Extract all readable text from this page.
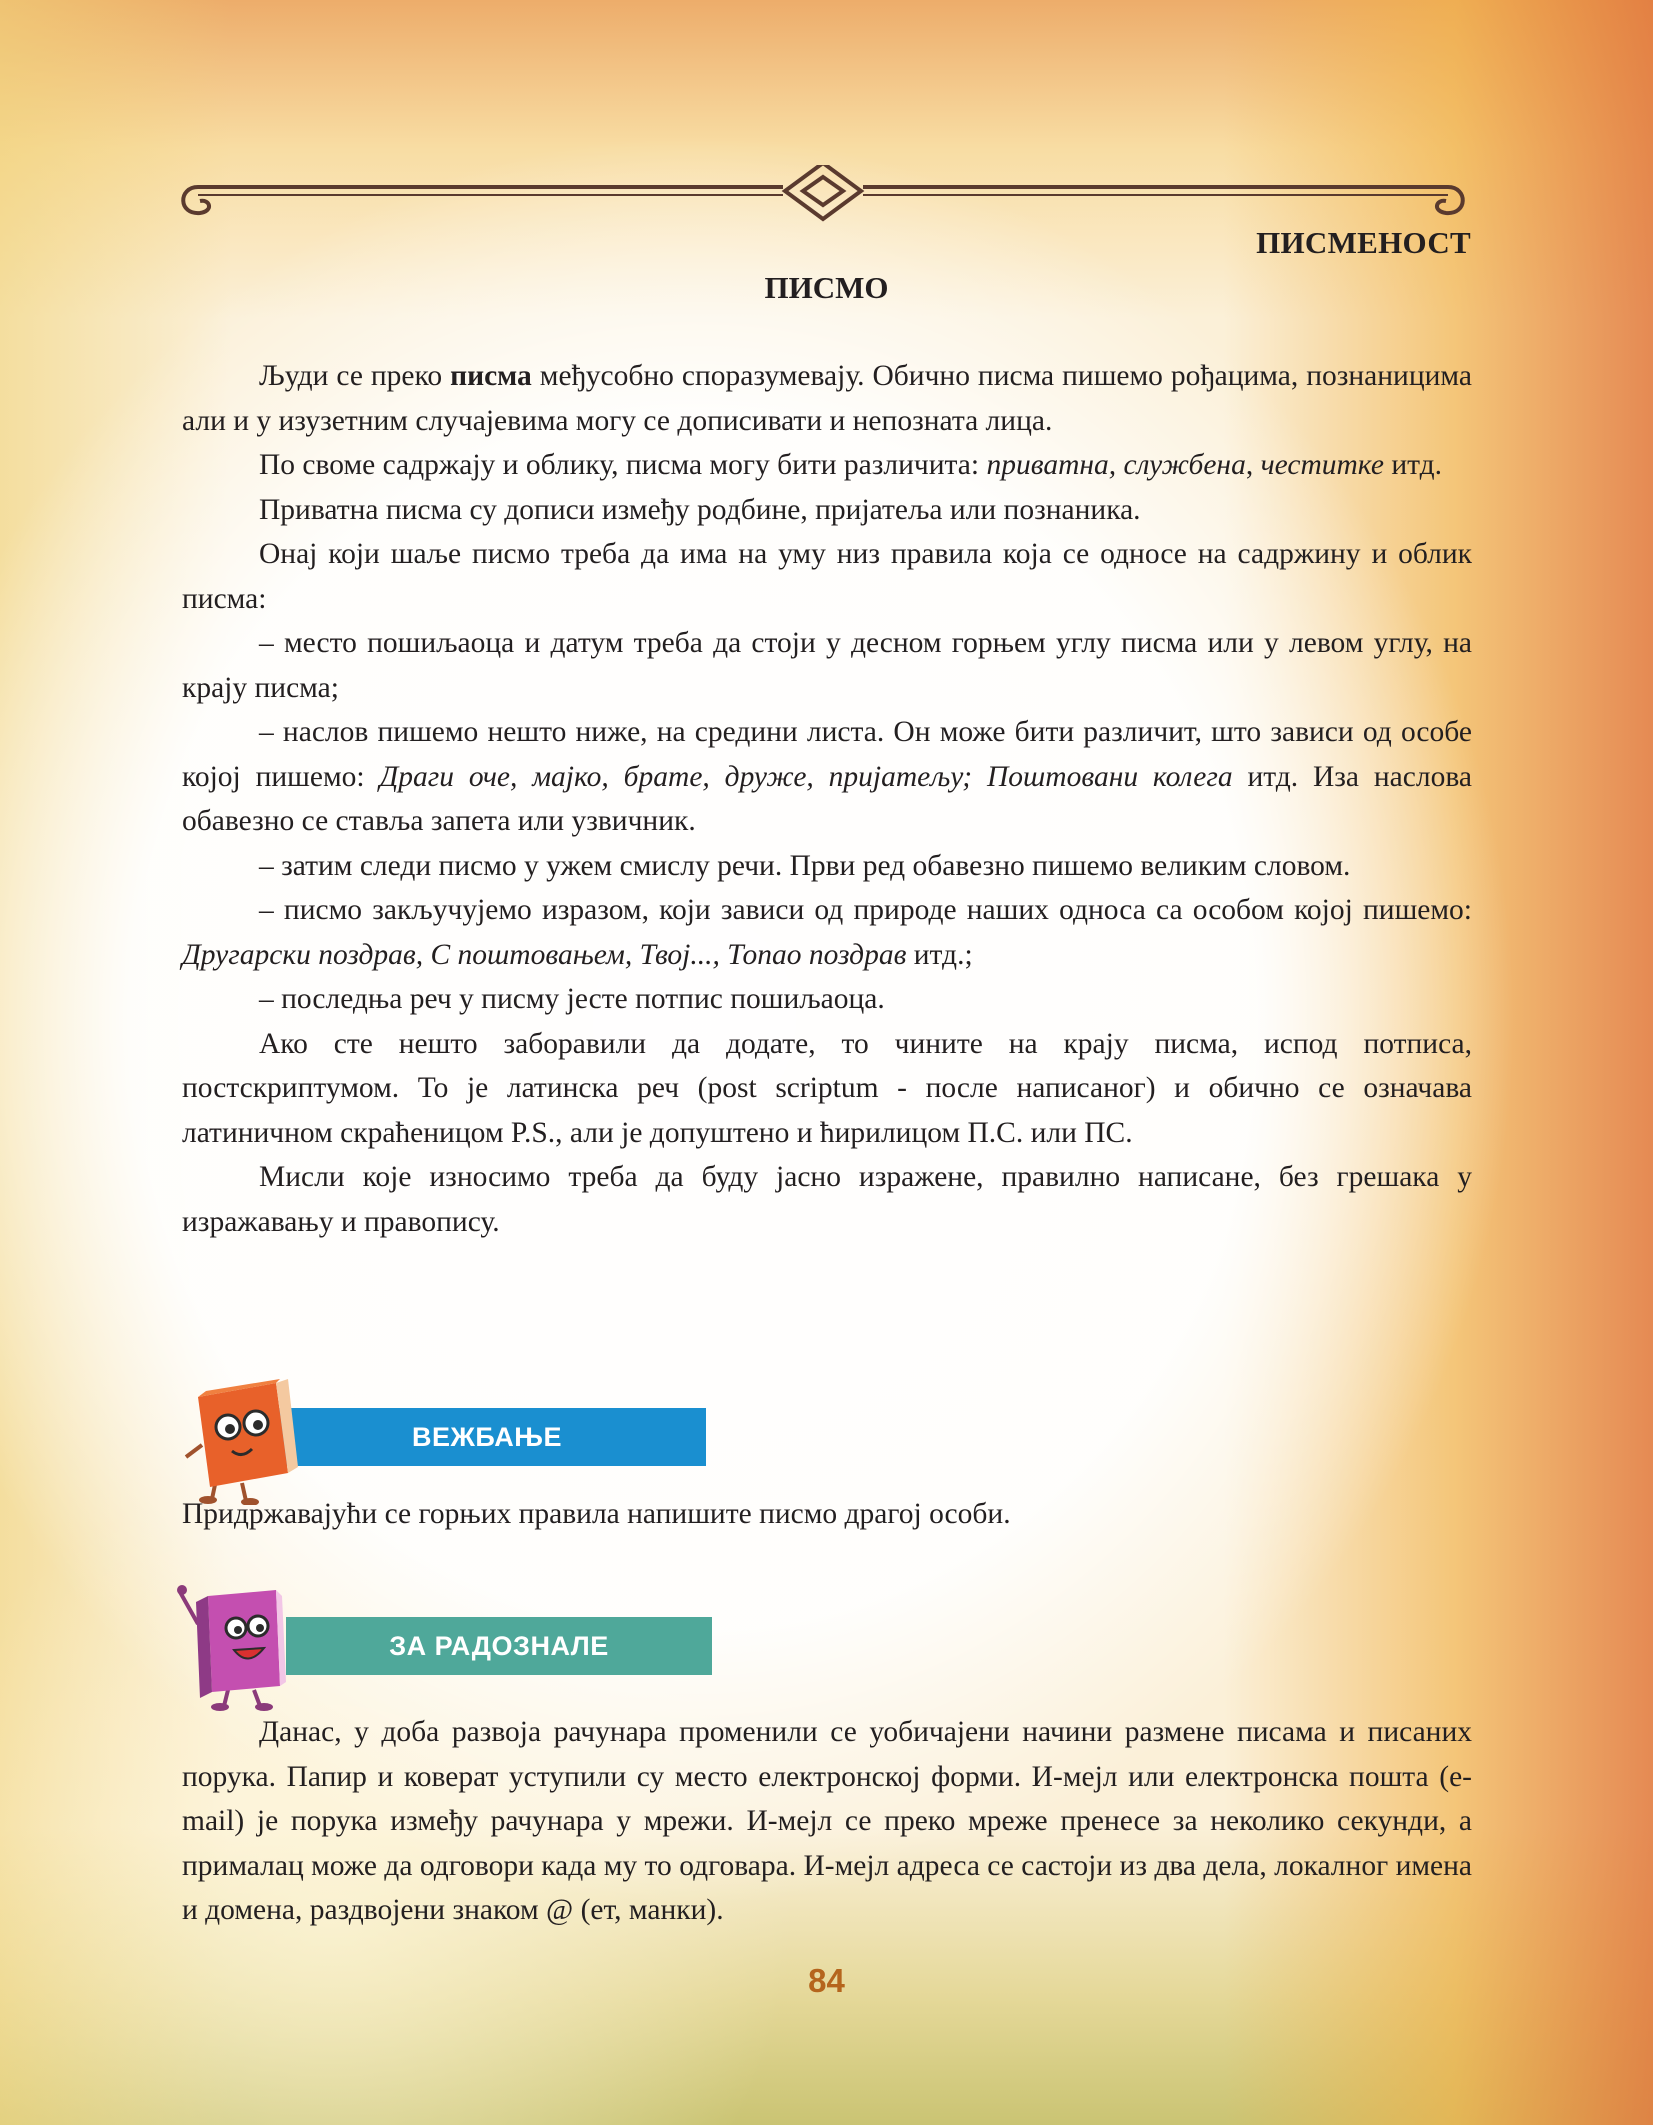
ПИСМЕНОСТ
ПИСМО

Људи се преко писма међусобно споразумевају. Обично писма пишемо рођацима, познаницима али и у изузетним случајевима могу се дописивати и непозната лица.

По своме садржају и облику, писма могу бити различита: приватна, службена, честитке итд.

Приватна писма су дописи између родбине, пријатеља или познаника.

Онај који шаље писмо треба да има на уму низ правила која се односе на садржину и облик писма:

– место пошиљаоца и датум треба да стоји у десном горњем углу писма или у левом углу, на крају писма;

– наслов пишемо нешто ниже, на средини листа. Он може бити различит, што зависи од особе којој пишемо: Драги оче, мајко, брате, друже, пријатељу; Поштовани колега итд. Иза наслова обавезно се ставља запета или узвичник.

– затим следи писмо у ужем смислу речи. Први ред обавезно пишемо великим словом.

– писмо закључујемо изразом, који зависи од природе наших односа са особом којој пишемо: Другарски поздрав, С поштовањем, Твој..., Топао поздрав итд.;

– последња реч у писму јесте потпис пошиљаоца.

Ако сте нешто заборавили да додате, то чините на крају писма, испод потписа, постскриптумом. То је латинска реч (post scriptum - после написаног) и обично се означава латиничном скраћеницом P.S., али је допуштено и ћирилицом П.С. или ПС.

Мисли које износимо треба да буду јасно изражене, правилно написане, без грешака у изражавању и правопису.

ВЕЖБАЊЕ
Придржавајући се горњих правила напишите писмо драгој особи.
ЗА РАДОЗНАЛЕ

Данас, у доба развоја рачунара променили се уобичајени начини размене писама и писаних порука. Папир и коверат уступили су место електронској форми. И-мејл или електронска пошта (e-mail) је порука између рачунара у мрежи. И-мејл се преко мреже пренесе за неколико секунди, а прималац може да одговори када му то одговара. И-мејл адреса се састоји из два дела, локалног имена и домена, раздвојени знаком @ (ет, манки).

84
